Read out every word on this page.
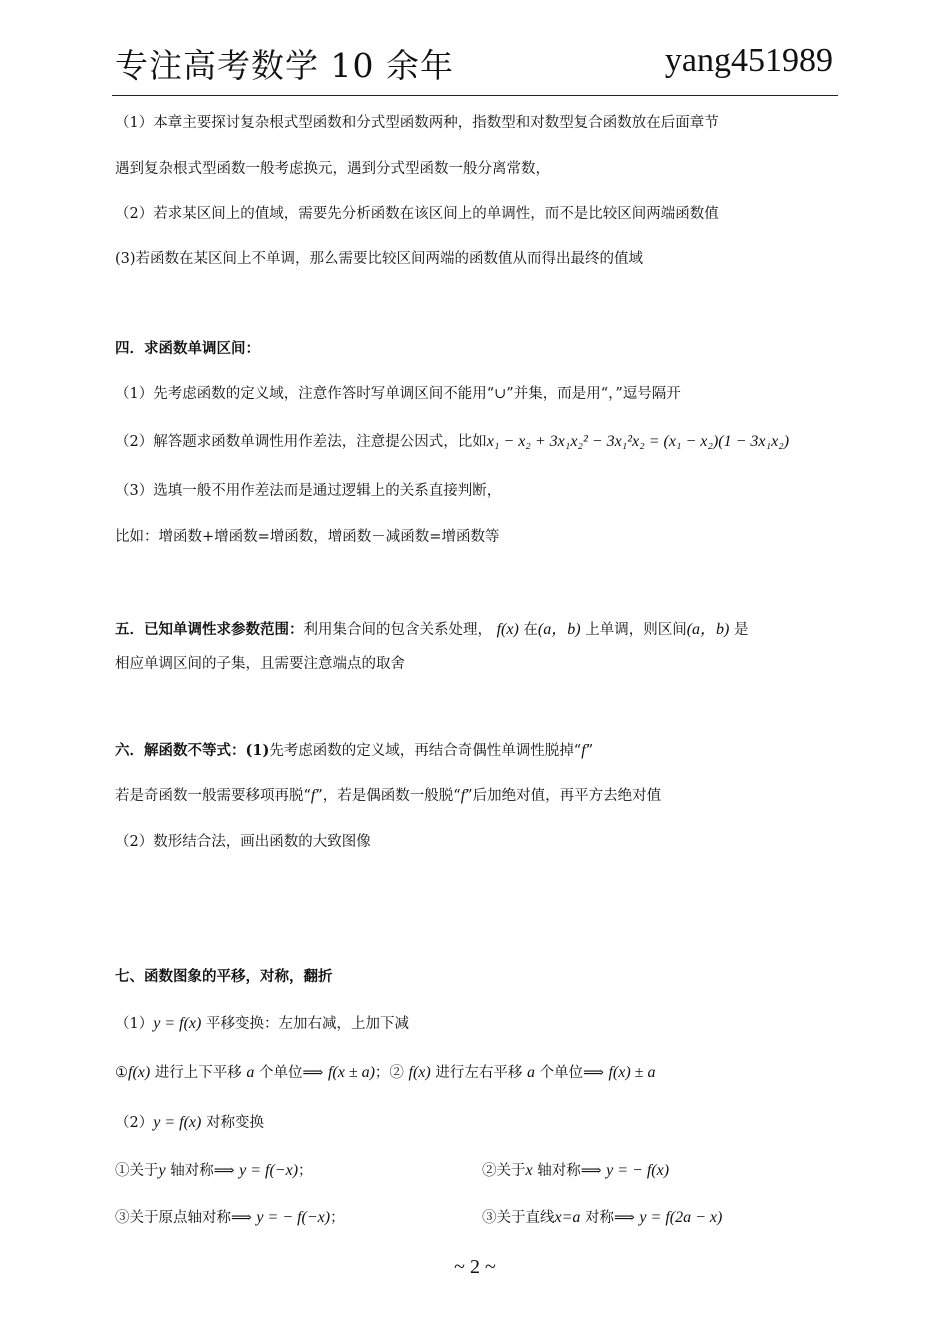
专注高考数学 10 余年	yang451989
（1）本章主要探讨复杂根式型函数和分式型函数两种，指数型和对数型复合函数放在后面章节
遇到复杂根式型函数一般考虑换元，遇到分式型函数一般分离常数，
（2）若求某区间上的值域，需要先分析函数在该区间上的单调性，而不是比较区间两端函数值
(3)若函数在某区间上不单调，那么需要比较区间两端的函数值从而得出最终的值域
四．求函数单调区间：
（1）先考虑函数的定义域，注意作答时写单调区间不能用“∪”并集，而是用“，”逗号隔开
（2）解答题求函数单调性用作差法，注意提公因式，比如x₁ − x₂ + 3x₁x₂² − 3x₁²x₂ = (x₁ − x₂)(1 − 3x₁x₂)
（3）选填一般不用作差法而是通过逻辑上的关系直接判断，
比如：增函数+增函数=增函数，增函数－减函数=增函数等
五．已知单调性求参数范围：利用集合间的包含关系处理， f(x) 在(a，b) 上单调，则区间(a，b) 是
相应单调区间的子集，且需要注意端点的取舍
六．解函数不等式：(1)先考虑函数的定义域，再结合奇偶性单调性脱掉“f”
若是奇函数一般需要移项再脱“f”，若是偶函数一般脱“f”后加绝对值，再平方去绝对值
（2）数形结合法，画出函数的大致图像
七、函数图象的平移，对称，翻折
（1）y = f(x) 平移变换：左加右减，上加下减
①f(x) 进行上下平移 a 个单位⟹ f(x ± a)；② f(x) 进行左右平移 a 个单位⟹ f(x) ± a
（2）y = f(x) 对称变换
①关于y 轴对称⟹ y = f(−x)；	②关于x 轴对称⟹ y = − f(x)
③关于原点轴对称⟹ y = − f(−x)；	③关于直线x=a 对称⟹ y = f(2a − x)
~ 2 ~
